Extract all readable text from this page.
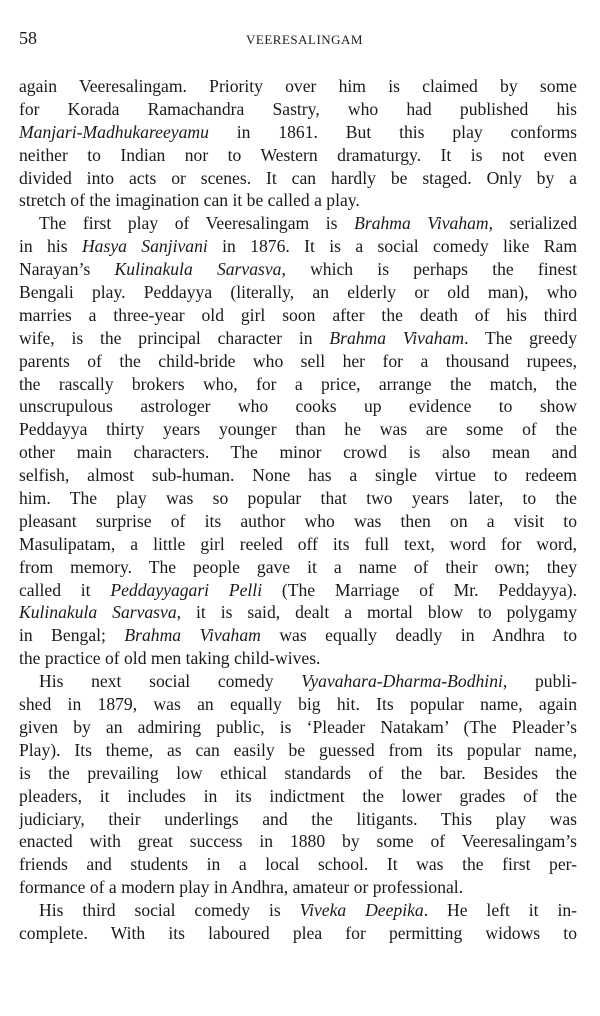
58	VEERESALINGAM
again Veeresalingam. Priority over him is claimed by some
for Korada Ramachandra Sastry, who had published his
Manjari-Madhukareeyamu in 1861. But this play conforms
neither to Indian nor to Western dramaturgy. It is not even
divided into acts or scenes. It can hardly be staged. Only by a
stretch of the imagination can it be called a play.
The first play of Veeresalingam is Brahma Vivaham, serialized
in his Hasya Sanjivani in 1876. It is a social comedy like Ram
Narayan’s Kulinakula Sarvasva, which is perhaps the finest
Bengali play. Peddayya (literally, an elderly or old man), who
marries a three-year old girl soon after the death of his third
wife, is the principal character in Brahma Vivaham. The greedy
parents of the child-bride who sell her for a thousand rupees,
the rascally brokers who, for a price, arrange the match, the
unscrupulous astrologer who cooks up evidence to show
Peddayya thirty years younger than he was are some of the
other main characters. The minor crowd is also mean and
selfish, almost sub-human. None has a single virtue to redeem
him. The play was so popular that two years later, to the
pleasant surprise of its author who was then on a visit to
Masulipatam, a little girl reeled off its full text, word for word,
from memory. The people gave it a name of their own; they
called it Peddayyagari Pelli (The Marriage of Mr. Peddayya).
Kulinakula Sarvasva, it is said, dealt a mortal blow to polygamy
in Bengal; Brahma Vivaham was equally deadly in Andhra to
the practice of old men taking child-wives.
His next social comedy Vyavahara-Dharma-Bodhini, publi-
shed in 1879, was an equally big hit. Its popular name, again
given by an admiring public, is ‘Pleader Natakam’ (The Pleader’s
Play). Its theme, as can easily be guessed from its popular name,
is the prevailing low ethical standards of the bar. Besides the
pleaders, it includes in its indictment the lower grades of the
judiciary, their underlings and the litigants. This play was
enacted with great success in 1880 by some of Veeresalingam’s
friends and students in a local school. It was the first per-
formance of a modern play in Andhra, amateur or professional.
His third social comedy is Viveka Deepika. He left it in-
complete. With its laboured plea for permitting widows to
